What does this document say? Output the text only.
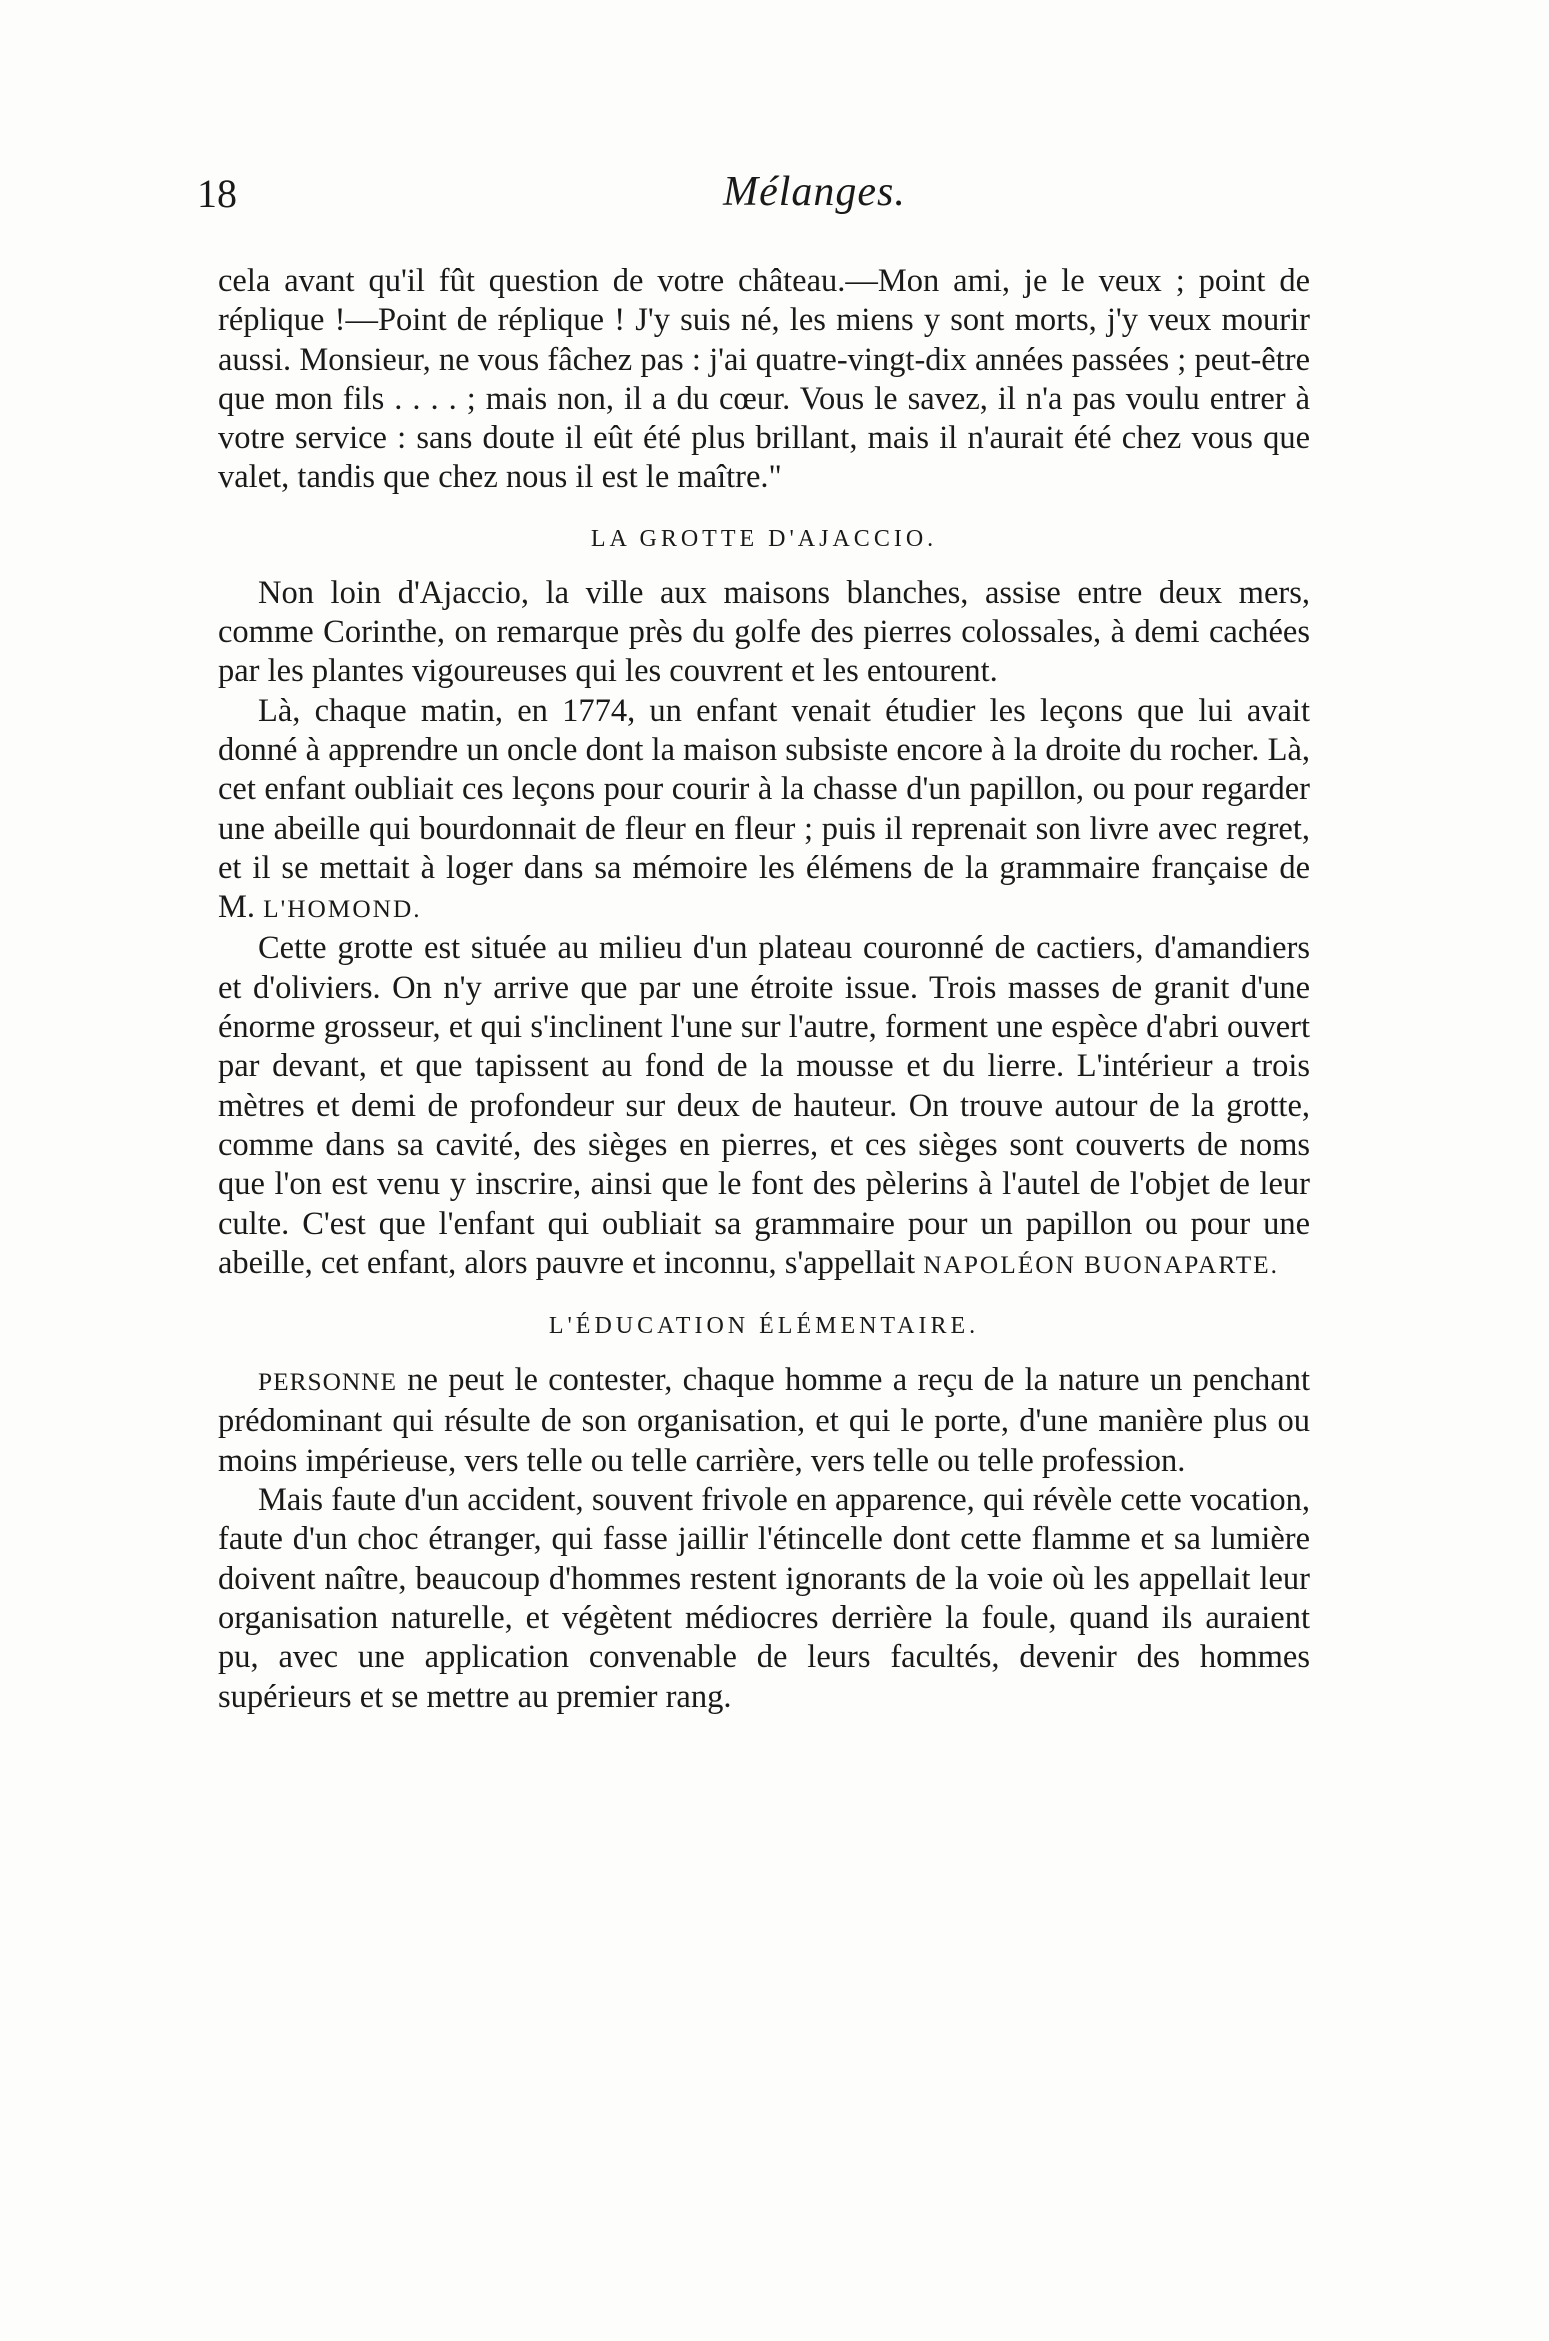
18	Mélanges.

cela avant qu'il fût question de votre château.—Mon ami, je le veux ; point de réplique !—Point de réplique ! J'y suis né, les miens y sont morts, j'y veux mourir aussi. Monsieur, ne vous fâchez pas : j'ai quatre-vingt-dix années passées ; peut-être que mon fils . . . . ; mais non, il a du cœur. Vous le savez, il n'a pas voulu entrer à votre service : sans doute il eût été plus brillant, mais il n'aurait été chez vous que valet, tandis que chez nous il est le maître."

LA GROTTE D'AJACCIO.

Non loin d'Ajaccio, la ville aux maisons blanches, assise entre deux mers, comme Corinthe, on remarque près du golfe des pierres colossales, à demi cachées par les plantes vigoureuses qui les couvrent et les entourent.

Là, chaque matin, en 1774, un enfant venait étudier les leçons que lui avait donné à apprendre un oncle dont la maison subsiste encore à la droite du rocher. Là, cet enfant oubliait ces leçons pour courir à la chasse d'un papillon, ou pour regarder une abeille qui bourdonnait de fleur en fleur ; puis il reprenait son livre avec regret, et il se mettait à loger dans sa mémoire les élémens de la grammaire française de M. L'HOMOND.

Cette grotte est située au milieu d'un plateau couronné de cactiers, d'amandiers et d'oliviers. On n'y arrive que par une étroite issue. Trois masses de granit d'une énorme grosseur, et qui s'inclinent l'une sur l'autre, forment une espèce d'abri ouvert par devant, et que tapissent au fond de la mousse et du lierre. L'intérieur a trois mètres et demi de profondeur sur deux de hauteur. On trouve autour de la grotte, comme dans sa cavité, des sièges en pierres, et ces sièges sont couverts de noms que l'on est venu y inscrire, ainsi que le font des pèlerins à l'autel de l'objet de leur culte. C'est que l'enfant qui oubliait sa grammaire pour un papillon ou pour une abeille, cet enfant, alors pauvre et inconnu, s'appellait NAPOLÉON BUONAPARTE.

L'ÉDUCATION ÉLÉMENTAIRE.

PERSONNE ne peut le contester, chaque homme a reçu de la nature un penchant prédominant qui résulte de son organisation, et qui le porte, d'une manière plus ou moins impérieuse, vers telle ou telle carrière, vers telle ou telle profession.

Mais faute d'un accident, souvent frivole en apparence, qui révèle cette vocation, faute d'un choc étranger, qui fasse jaillir l'étincelle dont cette flamme et sa lumière doivent naître, beaucoup d'hommes restent ignorants de la voie où les appellait leur organisation naturelle, et végètent médiocres derrière la foule, quand ils auraient pu, avec une application convenable de leurs facultés, devenir des hommes supérieurs et se mettre au premier rang.
